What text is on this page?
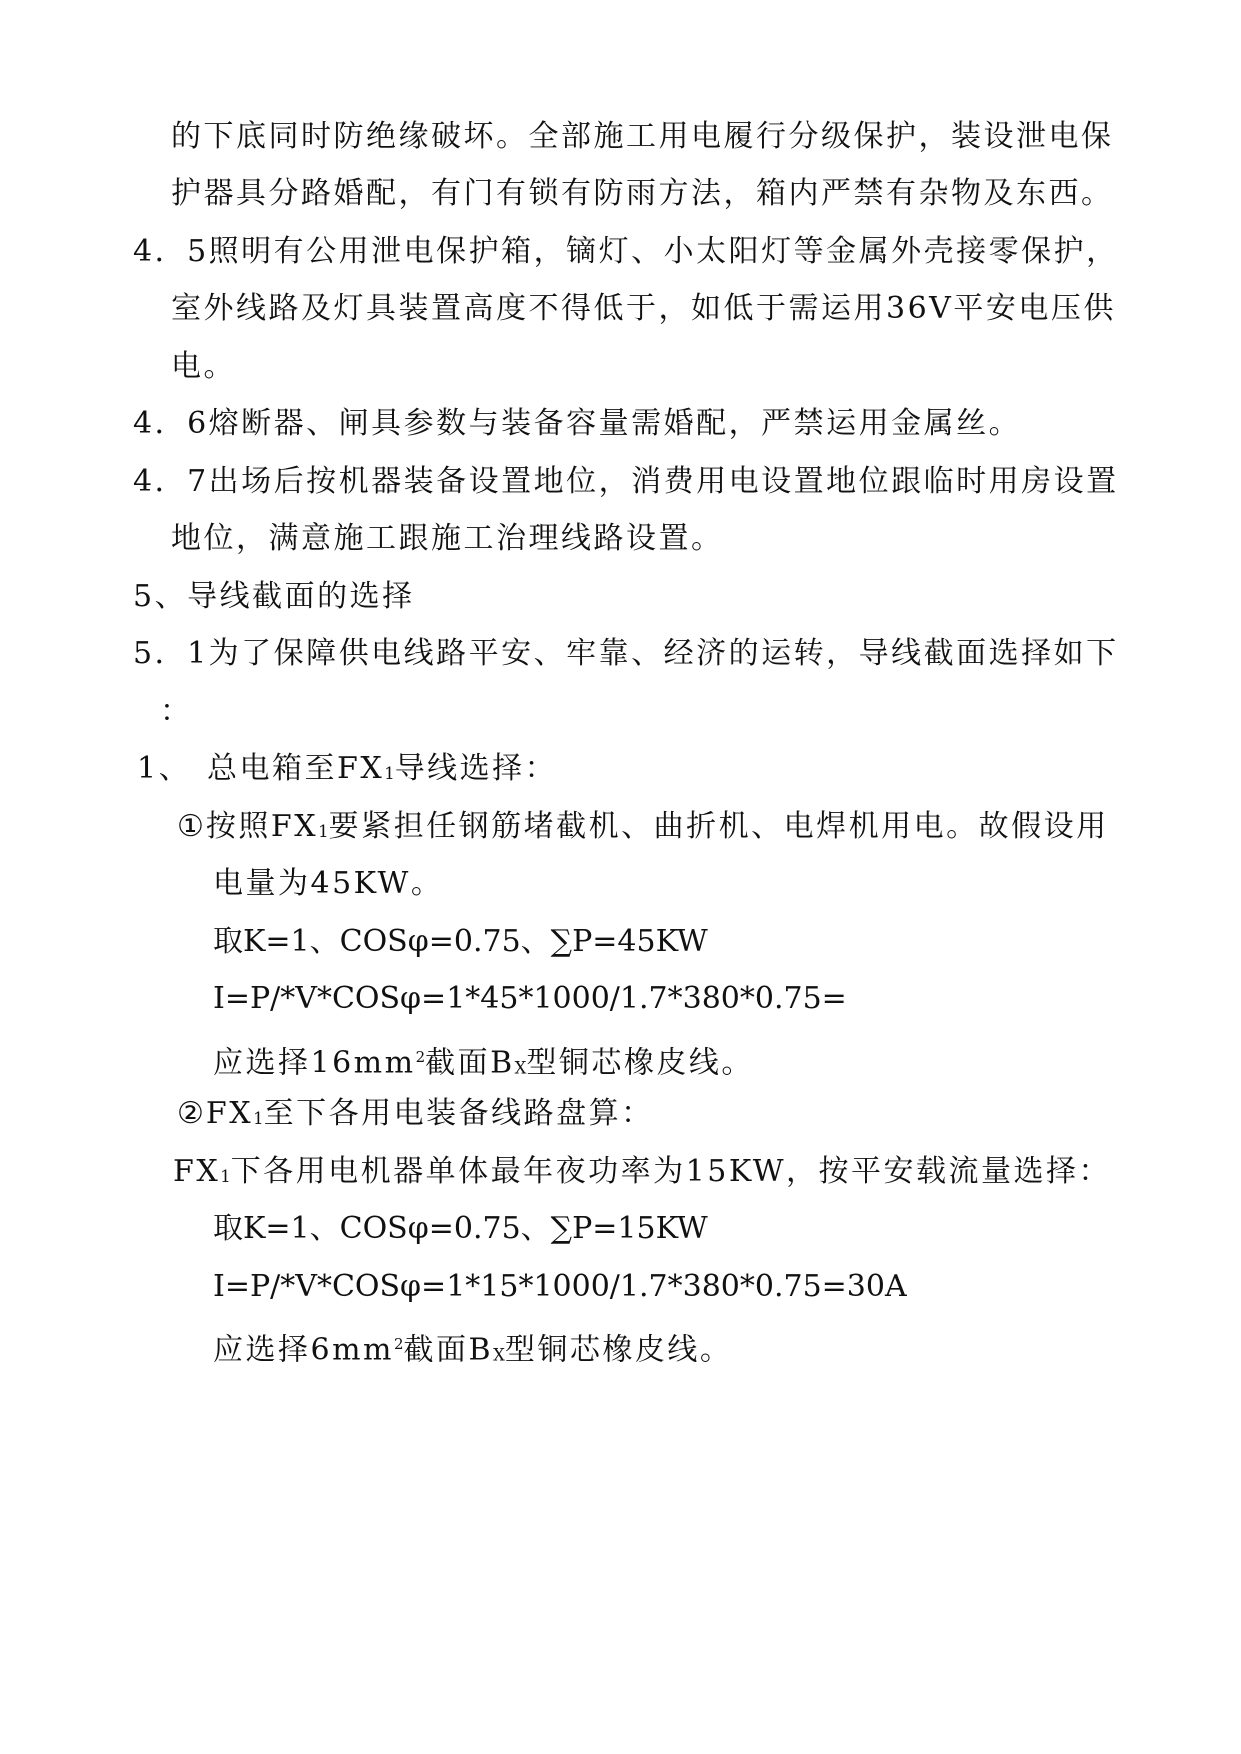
的下底同时防绝缘破坏。全部施工用电履行分级保护，装设泄电保
护器具分路婚配，有门有锁有防雨方法，箱内严禁有杂物及东西。
4．5照明有公用泄电保护箱，镝灯、小太阳灯等金属外壳接零保护，
室外线路及灯具装置高度不得低于，如低于需运用36V平安电压供
电。
4．6熔断器、闸具参数与装备容量需婚配，严禁运用金属丝。
4．7出场后按机器装备设置地位，消费用电设置地位跟临时用房设置
地位，满意施工跟施工治理线路设置。
5、导线截面的选择
5．1为了保障供电线路平安、牢靠、经济的运转，导线截面选择如下
：
1、 总电箱至FX1导线选择：
①按照FX1要紧担任钢筋堵截机、曲折机、电焊机用电。故假设用
电量为45KW。
取K=1、COSφ=0.75、∑P=45KW
I=P/*V*COSφ=1*45*1000/1.7*380*0.75=
应选择$16mm^2$截面BX型铜芯橡皮线。
②FX1至下各用电装备线路盘算：
FX1下各用电机器单体最年夜功率为15KW，按平安载流量选择：
取K=1、COSφ=0.75、∑P=15KW
I=P/*V*COSφ=1*15*1000/1.7*380*0.75=30A
应选择$6mm^2$截面BX型铜芯橡皮线。
